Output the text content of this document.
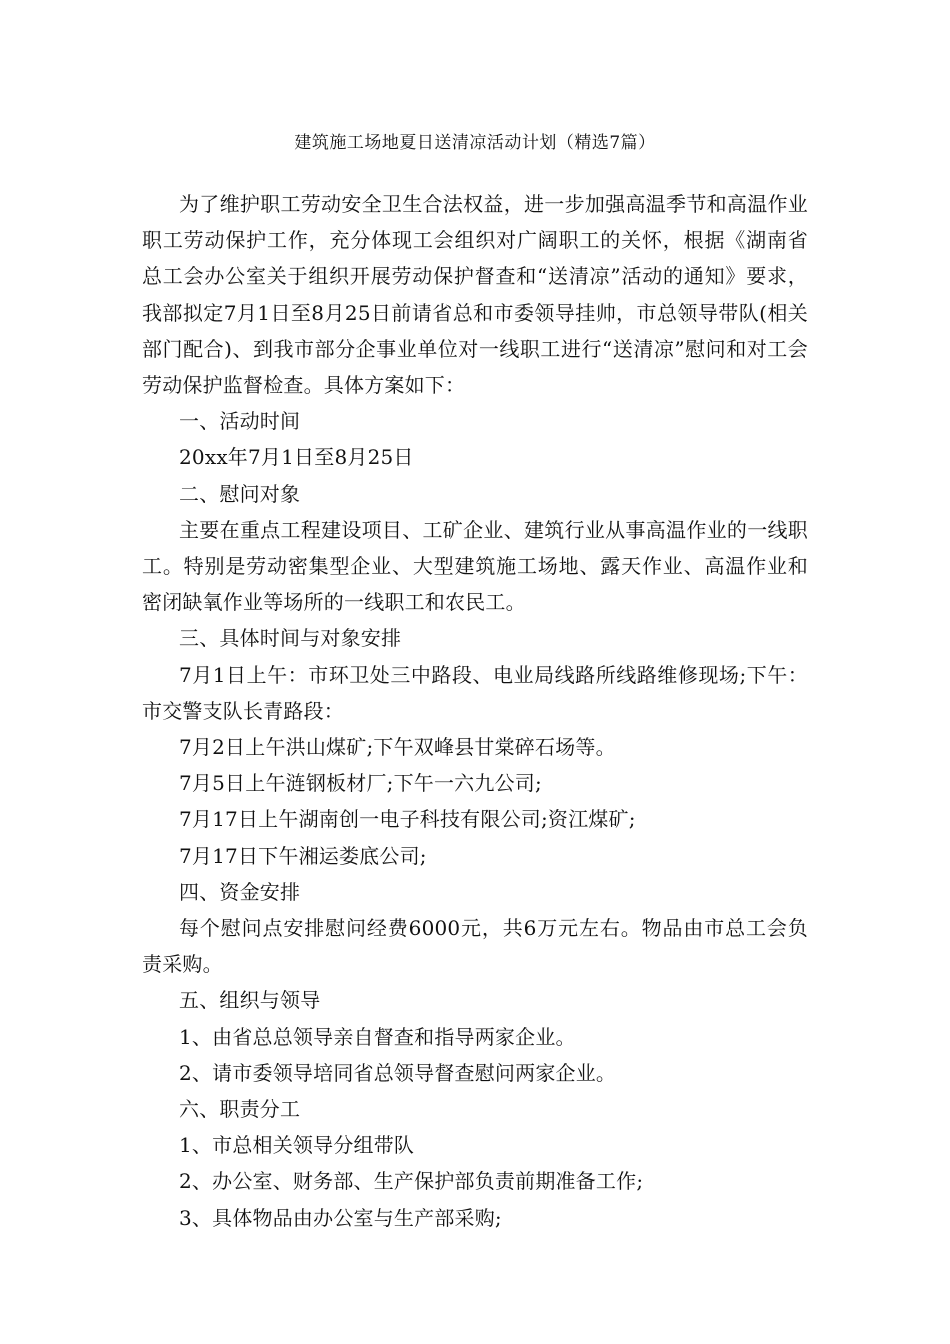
建筑施工场地夏日送清凉活动计划（精选7篇）

为了维护职工劳动安全卫生合法权益，进一步加强高温季节和高温作业职工劳动保护工作，充分体现工会组织对广阔职工的关怀，根据《湖南省总工会办公室关于组织开展劳动保护督查和“送清凉”活动的通知》要求，我部拟定7月1日至8月25日前请省总和市委领导挂帅，市总领导带队(相关部门配合)、到我市部分企事业单位对一线职工进行“送清凉”慰问和对工会劳动保护监督检查。具体方案如下：

一、活动时间

20xx年7月1日至8月25日

二、慰问对象

主要在重点工程建设项目、工矿企业、建筑行业从事高温作业的一线职工。特别是劳动密集型企业、大型建筑施工场地、露天作业、高温作业和密闭缺氧作业等场所的一线职工和农民工。

三、具体时间与对象安排

7月1日上午：市环卫处三中路段、电业局线路所线路维修现场;下午：市交警支队长青路段：

7月2日上午洪山煤矿;下午双峰县甘棠碎石场等。

7月5日上午涟钢板材厂;下午一六九公司;

7月17日上午湖南创一电子科技有限公司;资江煤矿;

7月17日下午湘运娄底公司;

四、资金安排

每个慰问点安排慰问经费6000元，共6万元左右。物品由市总工会负责采购。

五、组织与领导

1、由省总总领导亲自督查和指导两家企业。

2、请市委领导培同省总领导督查慰问两家企业。

六、职责分工

1、市总相关领导分组带队

2、办公室、财务部、生产保护部负责前期准备工作;

3、具体物品由办公室与生产部采购;
